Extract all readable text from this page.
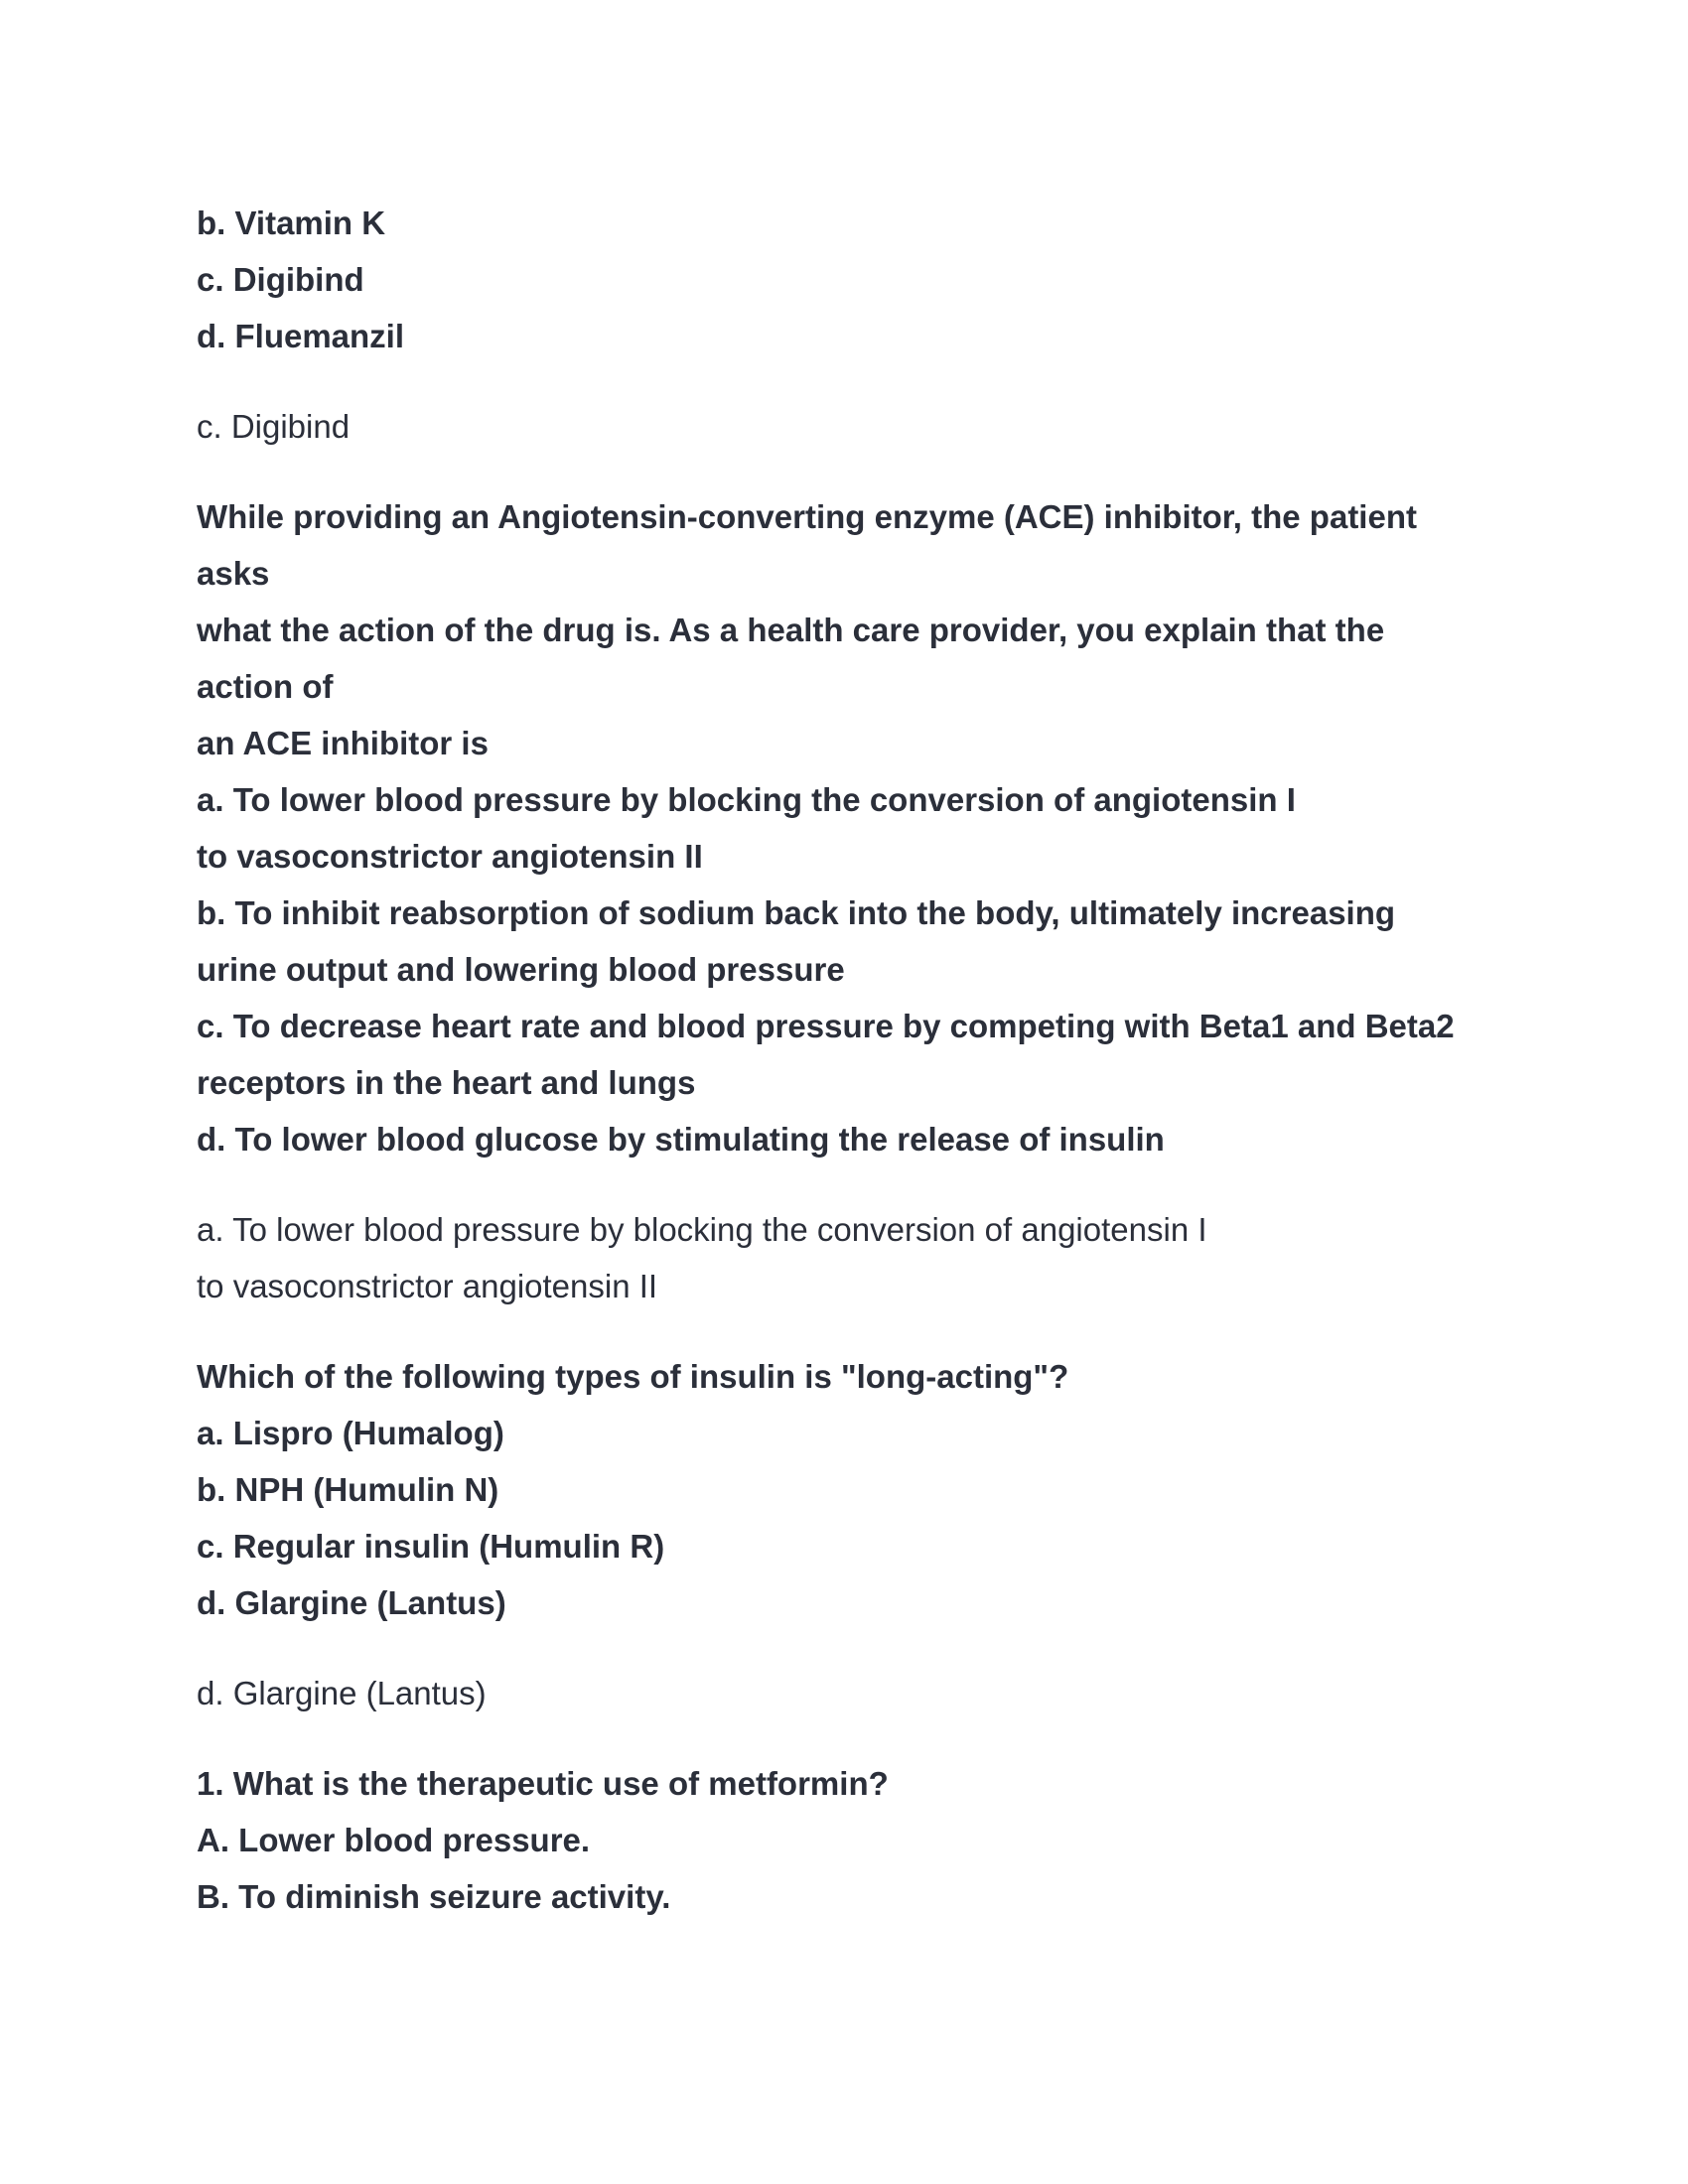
b. Vitamin K
c. Digibind
d. Fluemanzil
c. Digibind
While providing an Angiotensin-converting enzyme (ACE) inhibitor, the patient
asks
what the action of the drug is. As a health care provider, you explain that the
action of
an ACE inhibitor is
a. To lower blood pressure by blocking the conversion of angiotensin I
to vasoconstrictor angiotensin II
b. To inhibit reabsorption of sodium back into the body, ultimately increasing
urine output and lowering blood pressure
c. To decrease heart rate and blood pressure by competing with Beta1 and Beta2
receptors in the heart and lungs
d. To lower blood glucose by stimulating the release of insulin
a. To lower blood pressure by blocking the conversion of angiotensin I
to vasoconstrictor angiotensin II
Which of the following types of insulin is "long-acting"?
a. Lispro (Humalog)
b. NPH (Humulin N)
c. Regular insulin (Humulin R)
d. Glargine (Lantus)
d. Glargine (Lantus)
1. What is the therapeutic use of metformin?
A. Lower blood pressure.
B. To diminish seizure activity.
